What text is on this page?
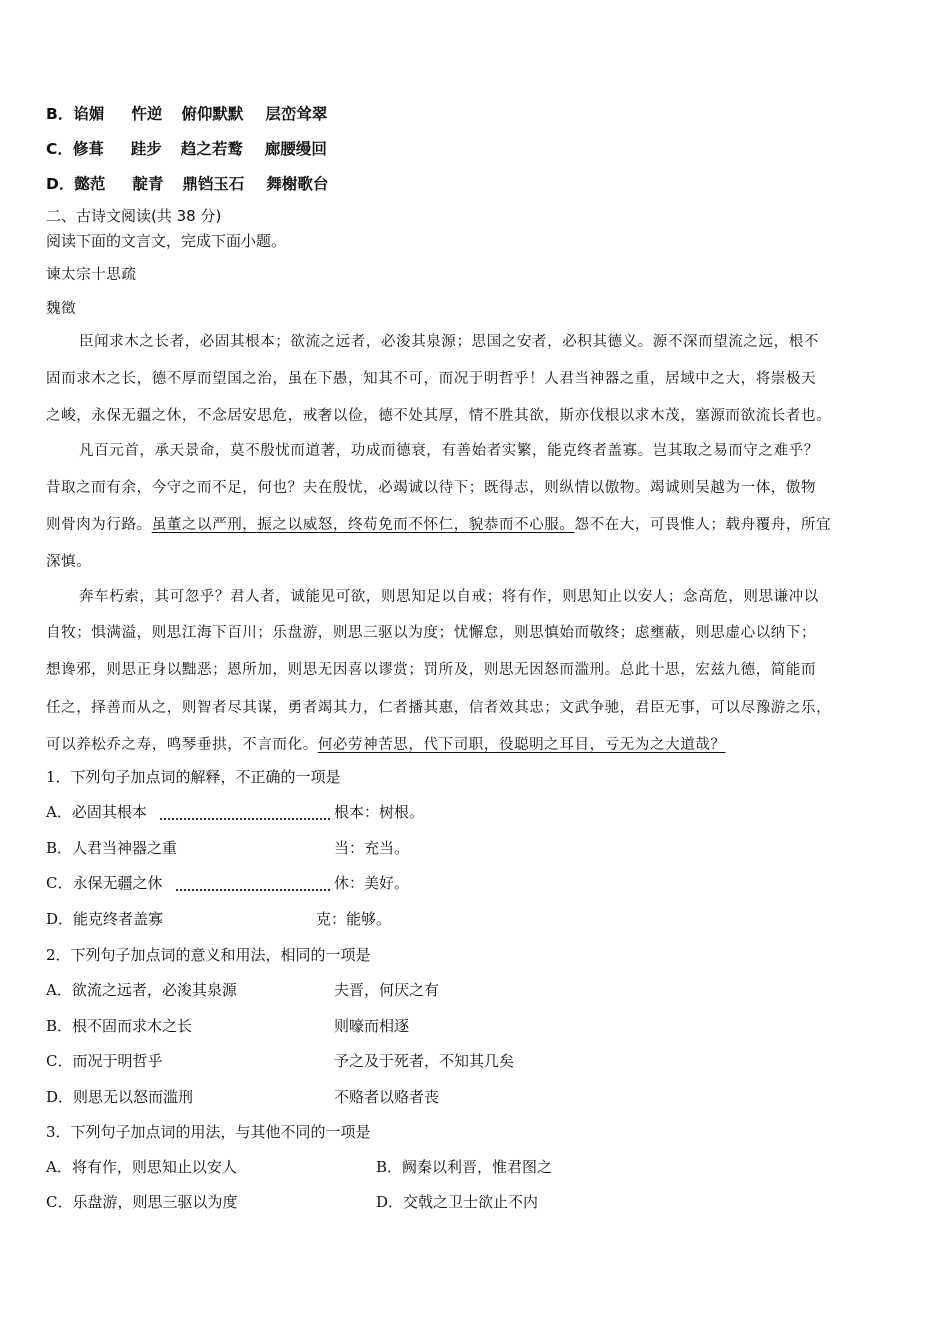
B．谄媚 忤逆 俯仰默默 层峦耸翠
C．修葺 跬步 趋之若鹜 廊腰缦回
D．懿范 靛青 鼎铛玉石 舞榭歌台
二、古诗文阅读(共 38 分)
阅读下面的文言文，完成下面小题。
谏太宗十思疏
魏徵
臣闻求木之长者，必固其根本；欲流之远者，必浚其泉源；思国之安者，必积其德义。源不深而望流之远，根不
固而求木之长，德不厚而望国之治，虽在下愚，知其不可，而况于明哲乎！人君当神器之重，居域中之大，将崇极天
之峻，永保无疆之休，不念居安思危，戒奢以俭，德不处其厚，情不胜其欲，斯亦伐根以求木茂，塞源而欲流长者也。
凡百元首，承天景命，莫不殷忧而道著，功成而德衰，有善始者实繁，能克终者盖寡。岂其取之易而守之难乎？
昔取之而有余，今守之而不足，何也？夫在殷忧，必竭诚以待下；既得志，则纵情以傲物。竭诚则吴越为一体，傲物
则骨肉为行路。虽董之以严刑，振之以威怒，终苟免而不怀仁，貌恭而不心服。怨不在大，可畏惟人；载舟覆舟，所宜
深慎。
奔车朽索，其可忽乎？君人者，诚能见可欲，则思知足以自戒；将有作，则思知止以安人；念高危，则思谦冲以
自牧；惧满溢，则思江海下百川；乐盘游，则思三驱以为度；忧懈怠，则思慎始而敬终；虑壅蔽，则思虚心以纳下；
想谗邪，则思正身以黜恶；恩所加，则思无因喜以谬赏；罚所及，则思无因怒而滥刑。总此十思，宏兹九德，简能而
任之，择善而从之，则智者尽其谋，勇者竭其力，仁者播其惠，信者效其忠；文武争驰，君臣无事，可以尽豫游之乐，
可以养松乔之寿，鸣琴垂拱，不言而化。何必劳神苦思，代下司职，役聪明之耳目，亏无为之大道哉？
1．下列句子加点词的解释，不正确的一项是
A．必固其根本	根本：树根。
B．人君当神器之重	当：充当。
C．永保无疆之休	休：美好。
D．能克终者盖寡	克：能够。
2．下列句子加点词的意义和用法，相同的一项是
A．欲流之远者，必浚其泉源	夫晋，何厌之有
B．根不固而求木之长	则嚎而相逐
C．而况于明哲乎	予之及于死者，不知其几矣
D．则思无以怒而滥刑	不赂者以赂者丧
3．下列句子加点词的用法，与其他不同的一项是
A．将有作，则思知止以安人	B．阙秦以利晋，惟君图之
C．乐盘游，则思三驱以为度	D．交戟之卫士欲止不内
